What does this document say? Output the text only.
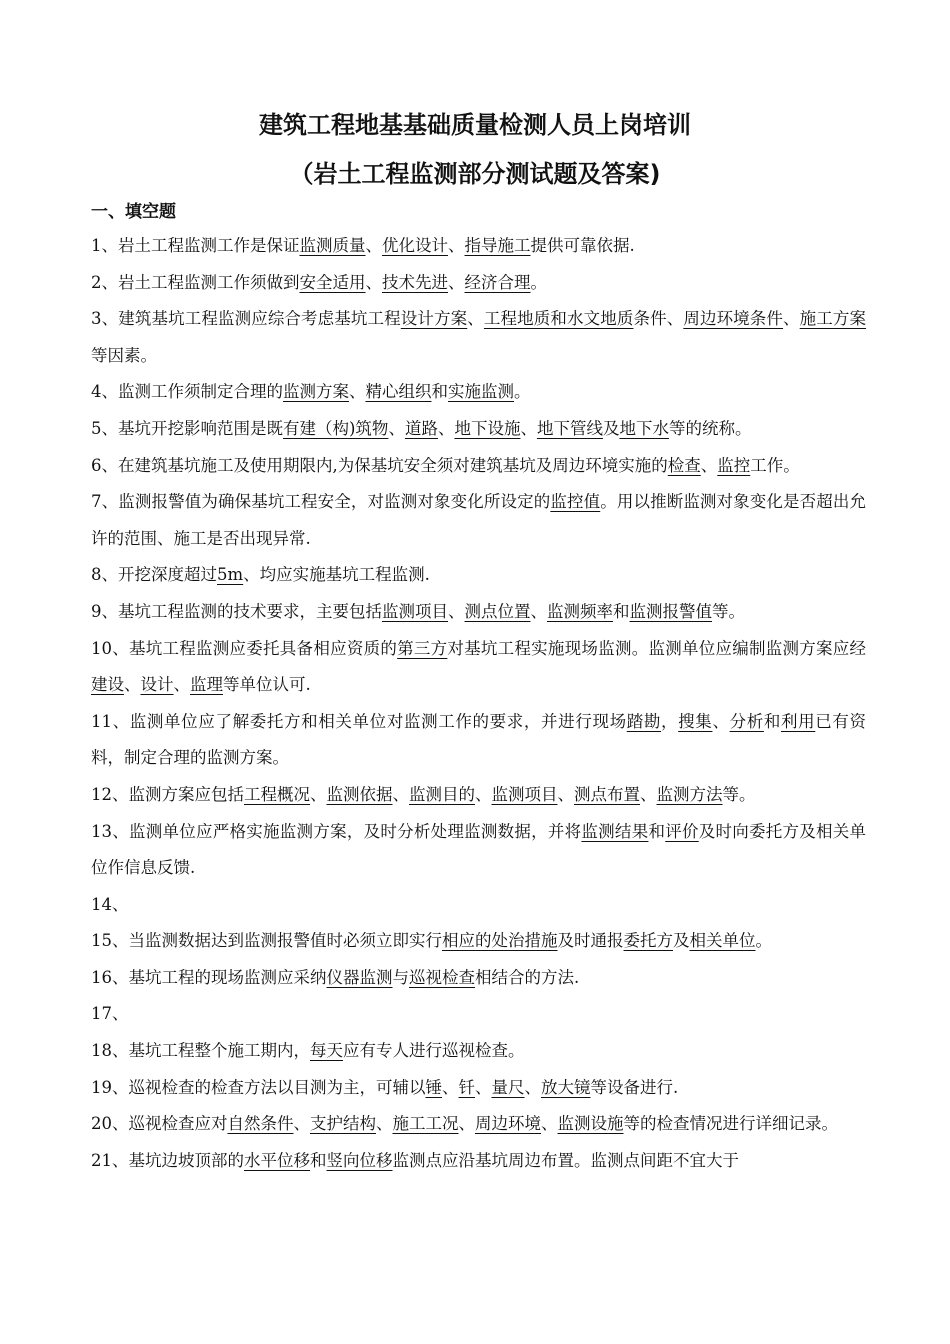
建筑工程地基基础质量检测人员上岗培训
（岩土工程监测部分测试题及答案)
一、填空题

1、岩土工程监测工作是保证监测质量、优化设计、指导施工提供可靠依据.

2、岩土工程监测工作须做到安全适用、技术先进、经济合理。

3、建筑基坑工程监测应综合考虑基坑工程设计方案、工程地质和水文地质条件、周边环境条件、施工方案等因素。

4、监测工作须制定合理的监测方案、精心组织和实施监测。

5、基坑开挖影响范围是既有建（构)筑物、道路、地下设施、地下管线及地下水等的统称。

6、在建筑基坑施工及使用期限内,为保基坑安全须对建筑基坑及周边环境实施的检查、监控工作。

7、监测报警值为确保基坑工程安全，对监测对象变化所设定的监控值。用以推断监测对象变化是否超出允许的范围、施工是否出现异常.

8、开挖深度超过5m、均应实施基坑工程监测.

9、基坑工程监测的技术要求，主要包括监测项目、测点位置、监测频率和监测报警值等。

10、基坑工程监测应委托具备相应资质的第三方对基坑工程实施现场监测。监测单位应编制监测方案应经建设、设计、监理等单位认可.

11、监测单位应了解委托方和相关单位对监测工作的要求，并进行现场踏勘，搜集、分析和利用已有资料，制定合理的监测方案。

12、监测方案应包括工程概况、监测依据、监测目的、监测项目、测点布置、监测方法等。

13、监测单位应严格实施监测方案，及时分析处理监测数据，并将监测结果和评价及时向委托方及相关单位作信息反馈.

14、

15、当监测数据达到监测报警值时必须立即实行相应的处治措施及时通报委托方及相关单位。

16、基坑工程的现场监测应采纳仪器监测与巡视检查相结合的方法.

17、

18、基坑工程整个施工期内，每天应有专人进行巡视检查。

19、巡视检查的检查方法以目测为主，可辅以锤、钎、量尺、放大镜等设备进行.

20、巡视检查应对自然条件、支护结构、施工工况、周边环境、监测设施等的检查情况进行详细记录。

21、基坑边坡顶部的水平位移和竖向位移监测点应沿基坑周边布置。监测点间距不宜大于
